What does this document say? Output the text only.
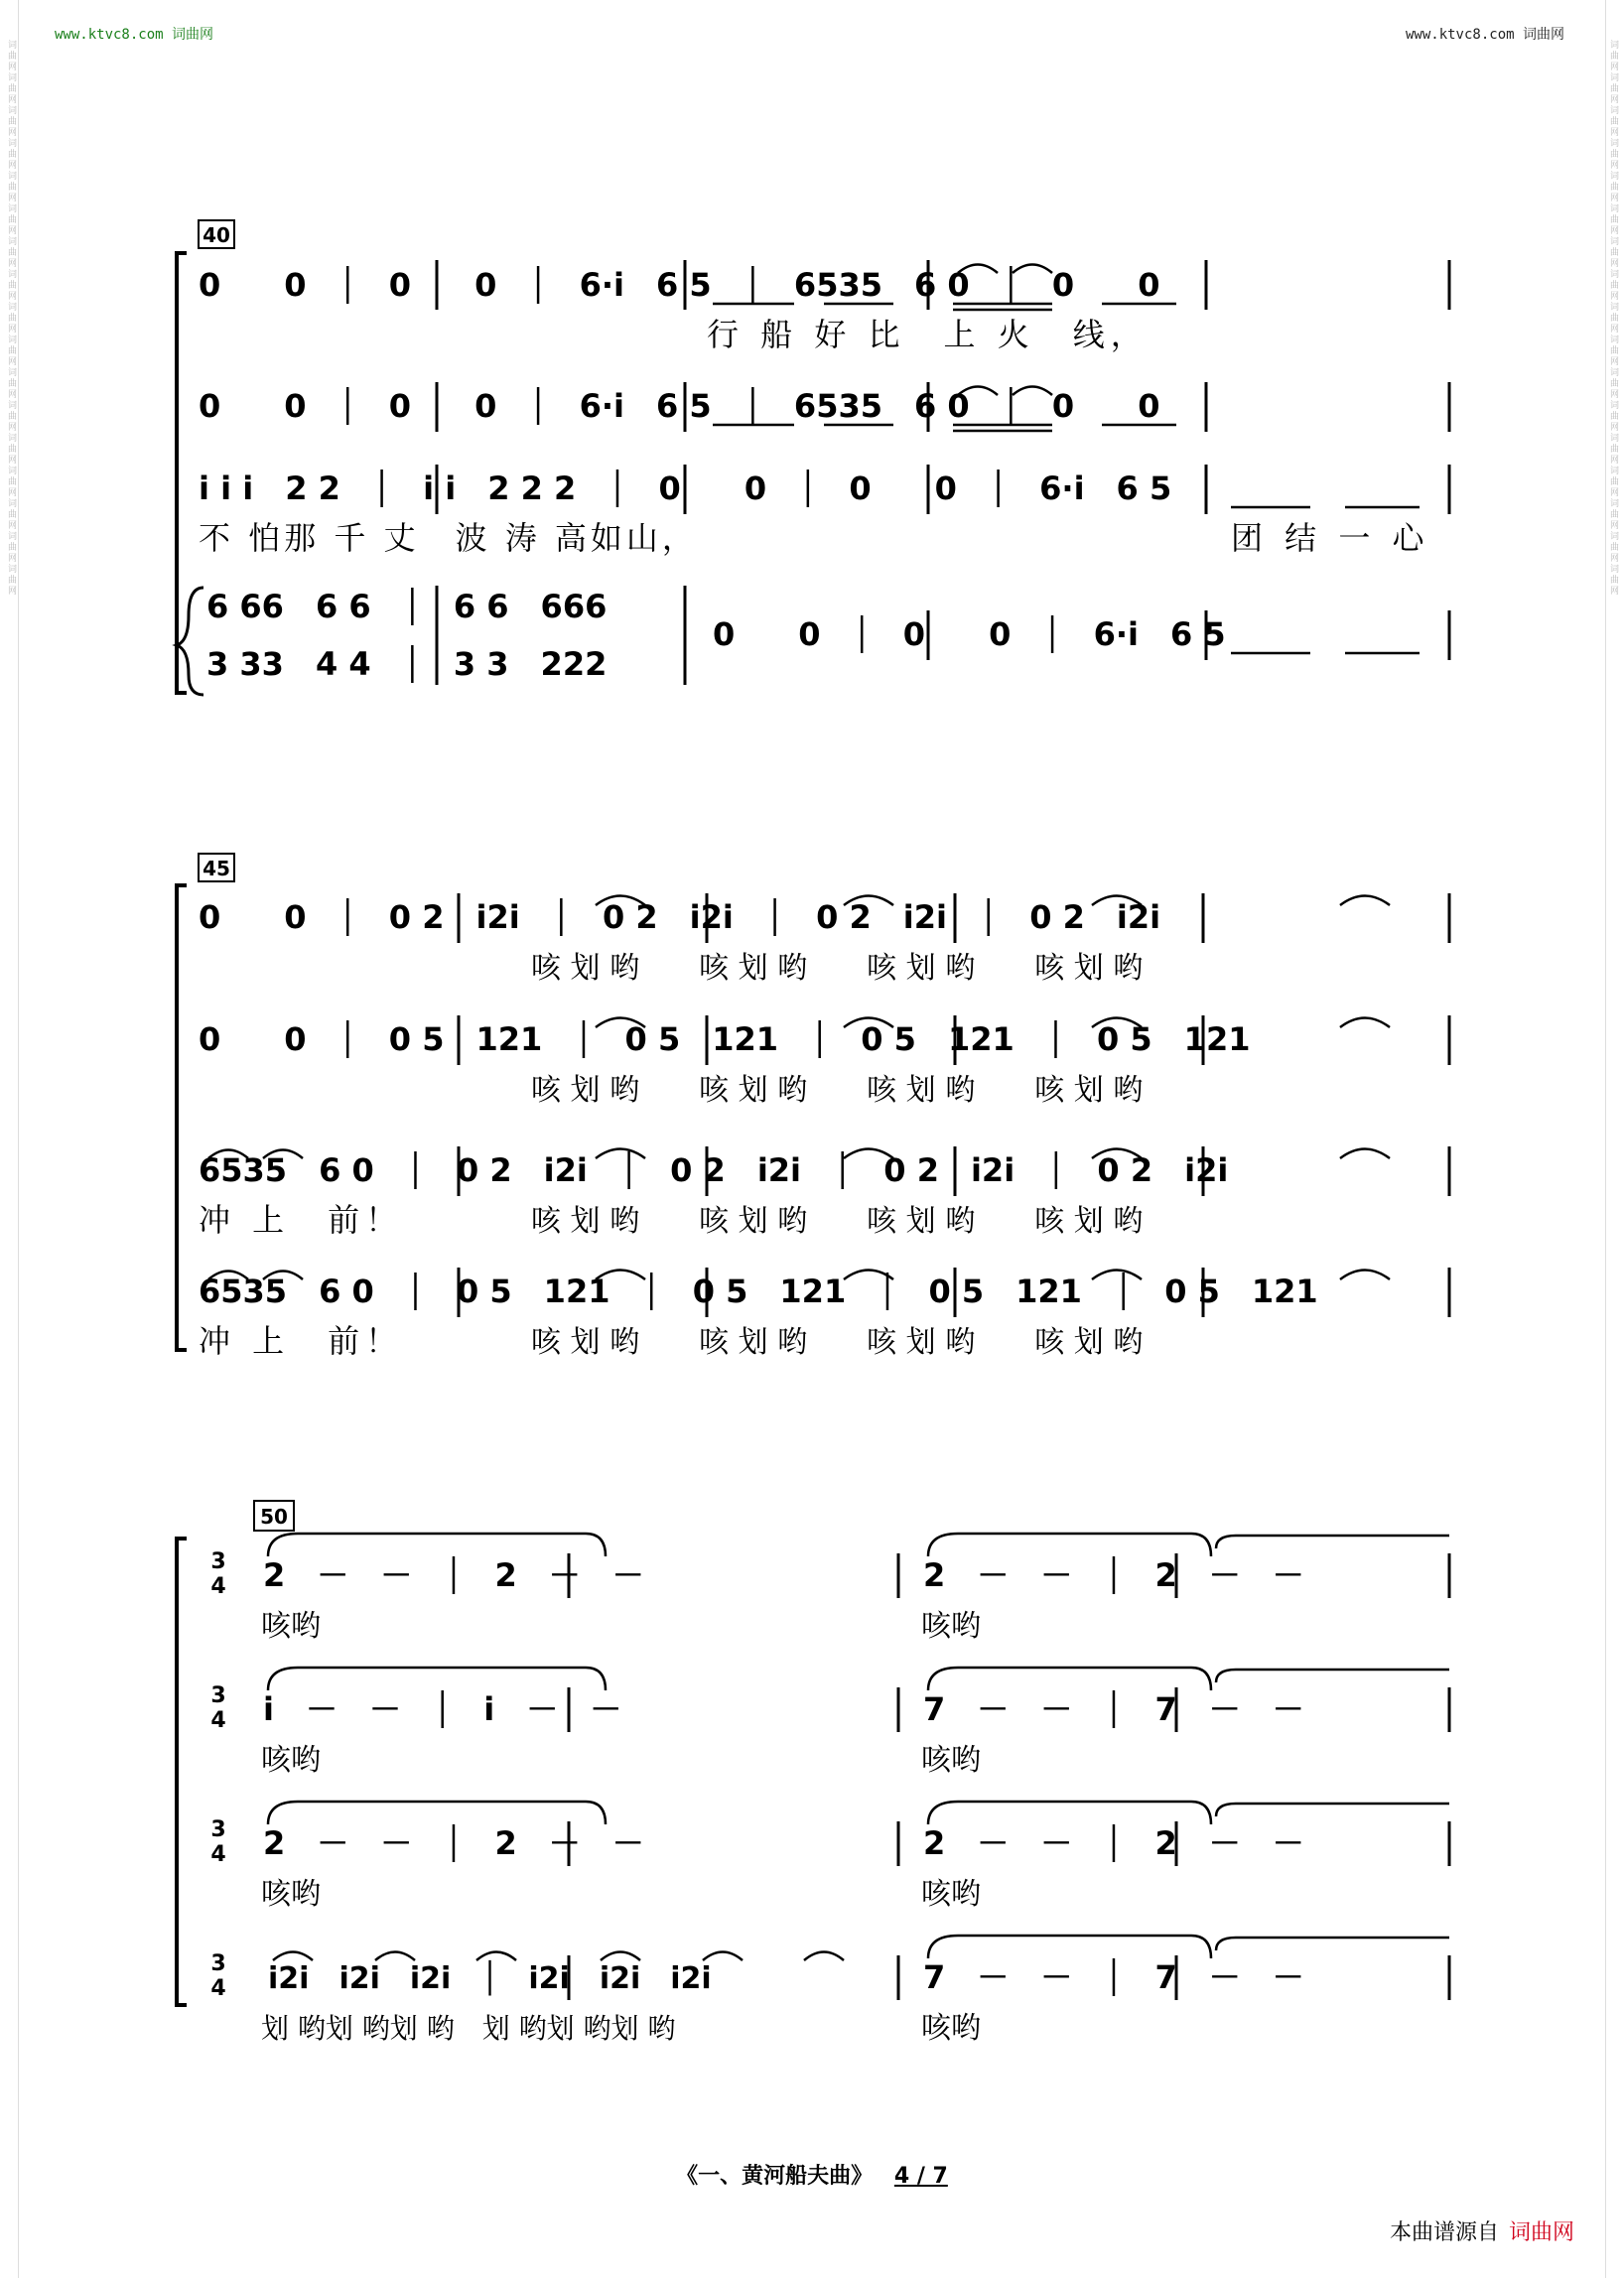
www.ktvc8.com 词曲网	www.ktvc8.com 词曲网
词曲网词曲网词曲网词曲网词曲网词曲网词曲网词曲网词曲网词曲网词曲网词曲网词曲网词曲网词曲网词曲网词曲网	词曲网词曲网词曲网词曲网词曲网词曲网词曲网词曲网词曲网词曲网词曲网词曲网词曲网词曲网词曲网词曲网词曲网
40
0　　0　│　0　　0　│　6·i　6 5　│　6535　6 0　│　0　　0
行 船 好 比　上 火　线，
0　　0　│　0　　0　│　6·i　6 5　│　6535　6 0　│　0　　0
i i i　2 2　│　i i　2 2 2　│　0　　0　│　0　　0　│　6·i　6 5
不 怕那 千 丈　波 涛 高如山，	团 结 一 心
6 66　6 6　│　6 6　666
3 33　4 4　│　3 3　222
0　　0　│　0　　0　│　6·i　6 5
45
0　　0　│　0 2　i2i　│　0 2　i2i　│　0 2　i2i　│　0 2　i2i
咳 划 哟　　咳 划 哟　　咳 划 哟　　咳 划 哟
0　　0　│　0 5　121　│　0 5　121　│　0 5　121　│　0 5　121
咳 划 哟　　咳 划 哟　　咳 划 哟　　咳 划 哟
6535　6 0　│　0 2　i2i　│　0 2　i2i　│　0 2　i2i　│　0 2　i2i
冲 上　前！	咳 划 哟　　咳 划 哟　　咳 划 哟　　咳 划 哟
6535　6 0　│　0 5　121　│　0 5　121　│　0 5　121　│　0 5　121
冲 上　前！	咳 划 哟　　咳 划 哟　　咳 划 哟　　咳 划 哟
50
3
4
3
4
3
4
3
4
2　－　－　│　2　－　－	2　－　－　│　2　－　－
咳哟	咳哟
i　－　－　│　i　－　－	7　－　－　│　7　－　－
咳哟	咳哟
2　－　－　│　2　－　－	2　－　－　│　2　－　－
咳哟	咳哟
i2i　i2i　i2i　│　i2i　i2i　i2i	7　－　－　│　7　－　－
划 哟划 哟划 哟　划 哟划 哟划 哟	咳哟
《一、黄河船夫曲》 4 / 7
本曲谱源自 词曲网
